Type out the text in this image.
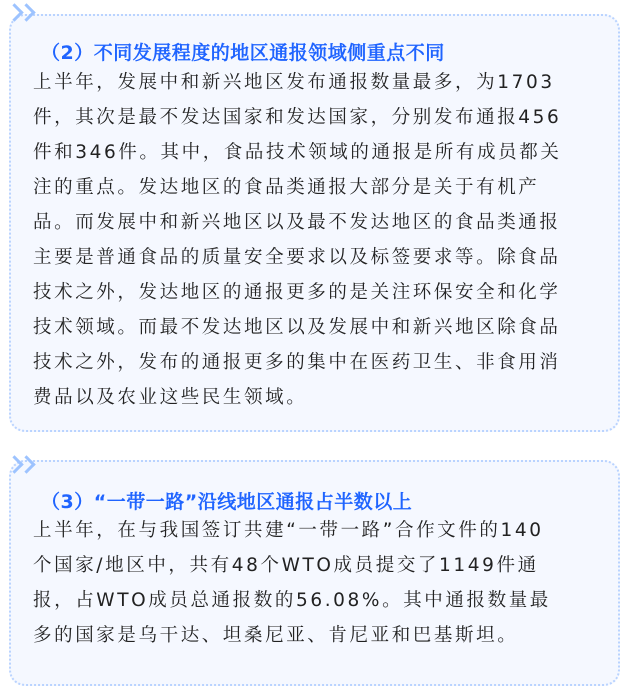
（2）不同发展程度的地区通报领域侧重点不同
上半年，发展中和新兴地区发布通报数量最多，为1703
件，其次是最不发达国家和发达国家，分别发布通报456
件和346件。其中，食品技术领域的通报是所有成员都关
注的重点。发达地区的食品类通报大部分是关于有机产
品。而发展中和新兴地区以及最不发达地区的食品类通报
主要是普通食品的质量安全要求以及标签要求等。除食品
技术之外，发达地区的通报更多的是关注环保安全和化学
技术领域。而最不发达地区以及发展中和新兴地区除食品
技术之外，发布的通报更多的集中在医药卫生、非食用消
费品以及农业这些民生领域。
（3）“一带一路”沿线地区通报占半数以上
上半年，在与我国签订共建“一带一路”合作文件的140
个国家/地区中，共有48个WTO成员提交了1149件通
报，占WTO成员总通报数的56.08%。其中通报数量最
多的国家是乌干达、坦桑尼亚、肯尼亚和巴基斯坦。
